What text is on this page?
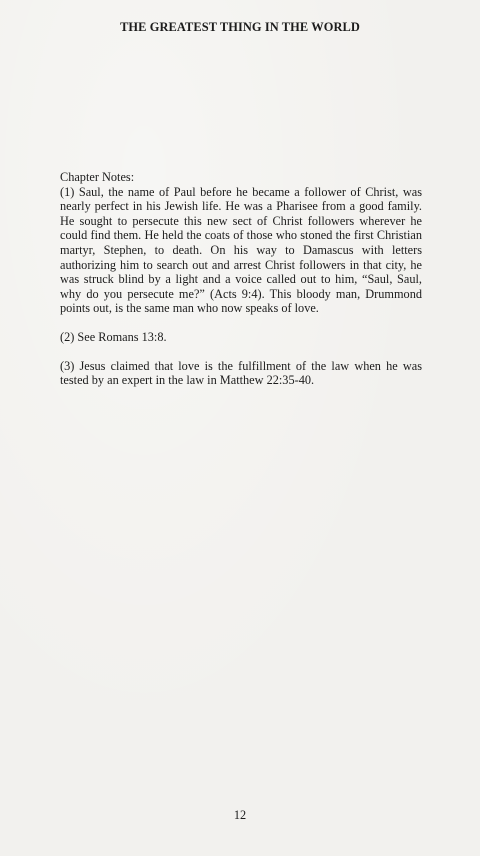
THE GREATEST THING IN THE WORLD

Chapter Notes:

(1) Saul, the name of Paul before he became a follower of Christ, was nearly perfect in his Jewish life. He was a Pharisee from a good family. He sought to persecute this new sect of Christ followers wherever he could find them. He held the coats of those who stoned the first Christian martyr, Stephen, to death. On his way to Damascus with letters authorizing him to search out and arrest Christ followers in that city, he was struck blind by a light and a voice called out to him, “Saul, Saul, why do you persecute me?” (Acts 9:4). This bloody man, Drummond points out, is the same man who now speaks of love.

(2) See Romans 13:8.

(3) Jesus claimed that love is the fulfillment of the law when he was tested by an expert in the law in Matthew 22:35-40.

12
